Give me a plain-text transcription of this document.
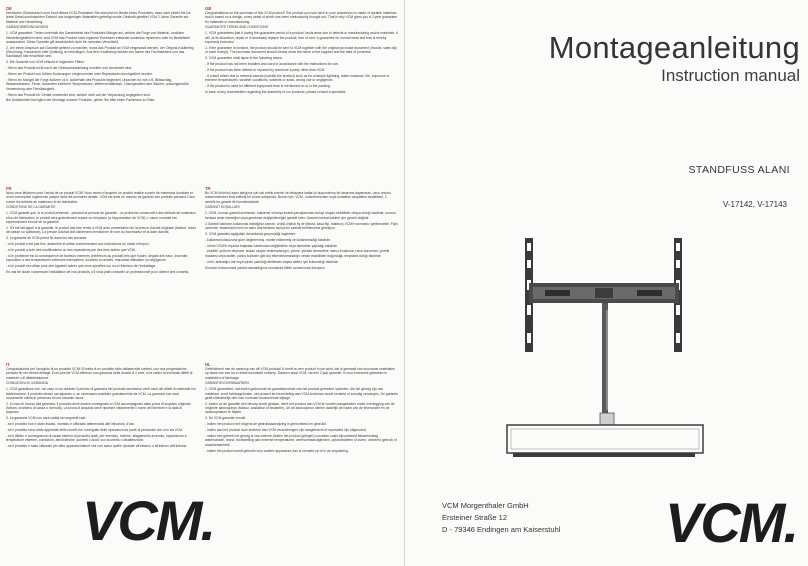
DE
Herzlichen Glückwunsch zum Kauf dieses VCM-Produktes! Sie sind jetzt im Besitz eines Produktes, dass nach einem bis ins letzte Detail durchdachten Entwurf aus langlebigen Materialien gefertigt wurde. Deshalb gewährt VCM 2 Jahre Garantie auf Material und Herstellung.
GARANTIEBEDINGUNGEN
1. VCM garantiert: Treten innerhalb der Garantiefrist des Produktes Mängel auf, welche die Folge von Material- und/oder Herstellungsfehlern sind, wird VCM das Produkt nach eigenem Ermessen entweder kostenlos reparieren oder im Bedarfsfall austauschen. Diese Garantie gilt ausdrücklich nicht für normalen Verschleiß.
2. Um einen Anspruch auf Garantie geltend zu machen, muss das Produkt an VCM eingesandt werden, der Original-Kaufbeleg (Rechnung, Kassenbon oder Quittung) ist beizufügen. Aus dem Kaufbeleg müssen der Name des Fachhändlers und das Kaufdatum klar ersichtlich sein.
3. Die Garantie von VCM erlischt in folgenden Fällen:
- Wenn das Produkt nicht nach der Gebrauchsanleitung montiert und verwendet wird.
- Wenn am Produkt von Dritten Änderungen vorgenommen oder Reparaturen durchgeführt wurden.
- Wenn ein Mangel die Folge äußerer (d.h. außerhalb des Produkts liegender) Ursachen ist, wie z.B. Blitzschlag, Wasserschaden, Feuer, Auscrdem extremer Temperaturen, Wetterverhältnisse, Lösungsmittel oder Säuren, unsachgemäße Verwendung oder Fahrlässigkeit.
- Wenn das Produkt für Geräte verwendet wird, welche nicht auf der Verpackung angegeben sind.
Bei Unklarheiten bezüglich der Montage unserer Produkte, gehen Sie bitte einen Fachmann zu Rate.
GB
Congratulations on the purchase of this VCM product! The product you now have in your possession is made of durable materials and is based on a design, every detail of which has been meticulously thought out. That is why VCM gives you a 2 year guarantee for materials or manufacturing.
GUARANTEE TERMS AND CONDITIONS
1. VCM guarantees that if during the guarantee period of a product, faults arise due to defects in manufacturing and/or materials, it will, at its discretion, repair or if necessary replace the product, free of cost. A guarantee for normal wear and tear is hereby expressly excluded.
2. If the guarantee is invoked, the product should be sent to VCM together with the original purchase document (invoice, sales slip or cash receipt). The purchase document should clearly show the name of the supplier and the date of purchase.
3. VCM guarantee shall lapse in the following cases:
- If the product has not been installed and used in accordance with the instructions for use.
- If the product has been altered or repaired by someone a party other than VCM.
- If a fault arises due to external causes (outside the product) such as for example lightning, water nuisance, fire, exposure to extreme temperatures, weather conditions, solvents or acids, wrong use or negligence.
- If the product is used for different equipment than is mentioned on or in the packing.
In case of any uncertainties regarding the assembly of our products, please consult a specialist.
FR
Nous vous félicitons pour l'achat de ce produit VCM! Vous venez d'acquérir un produit realise a partir de materiaux durables et d'une conception ingenieuse jusque dans les moindres details. VCM est ainsi en mesure de garantir ses produits pendant 2 ans contre les defauts de materiaux et de fabrication.
CONDITIONS DE LA GARANTIE
1. VCM garantit que, si le produit presente - pendant la periode de garantie - un probleme consecutif a des defauts de materiaux et/ou de fabrication, le produit sera gratuitement repare ou remplace (a l'appreciation de VCM). L'usure normale est expressement exclue de la garantie.
2. S'il est fait appel a la garantie, le produit doit etre remis a VCM avec presentation de la preuve d'achat originale (facture, ticket de caisse ou quittance). La preuve d'achat doit clairement mentionner le nom du fournisseur et la date d'achat.
3. La garantie de VCM prend fin dans les cas suivants:
- si le produit n'est pas fixe, assemble et utilise conformement aux instructions du mode d'emploi.
- si le produit a subi des modifications ou des reparations par des tiers autres que VCM.
- si le probleme est la consequence de facteurs externes (exterieurs au produit) tels que foudre, degats des eaux, incendie, exposition a des temperatures extremes intemperies, solvants ou acides, mauvaise utilisation ou negligence.
- si le produit est utilise pour des appareil autres que ceux specifies sur ou a l'interieur de l'emballage.
En cas de doute concernant l'installation de nos produits, s'il vous plait consulter un professionnel pour obtenir des conseils.
TR
Bu VCM ürününü satın aldığınız için sizi tebrik ederiz! ve detaylara kadar iyi duşunulmuş bir tasarıma dayanarak, uzun omurlu malzemelerden imal edilmiş bir urune sahipsiniz. Bunun için, VCM , malzemelerden veya imalattan oluşabilen eksiklikleri, 2 senelik bir garanti ile hizmetinizdedir.
GARANTI KOŞULLARI
1. VCM, urunun garanti suresinde, malzeme ve/veya imalat yanlışlarından doluyı oluşan eksiklikler ortaya cıktığı takdirde, urunun bedava tamir edeceğini veya gerekirse değiştirileceğini garanti eder. Garanti normal eskime için gecerli değildir.
2.Garanti hakkının kullanmak istediğiniz zaman, urünü orijinal fiş ile (fatura, kasa fişi, makbuz) VCM'e sunmanız gerekecektir. Fişin uzerinde, tedarikcinin ismi ve satın alış tarihinin açıkça bir şekilde belirlenmesi gerekiyor.
3. VCM garantisi aşağıdaki durumlarda geçersizliği kaybeder:
- kullanma kılavuzuna göre değerlenmiş, monte edilmemiş ve kullanılmadığı takdirde.
- ürüne VCM'in dışında başkaları tarafından değişiklikler veya tamiratlar yapıldığı takdirde.
- eksiklik, yıldırım düşmesi, sudan oluşan rederiszarnıgıs, çütme, yüksek derecelere maruz bırakılma, hava durumları, çözelti maddesi veya asitler, yanlış kullanım gibi dış etkenlerizmandırgıı ceban eksiklikleri doğurduğu meydana cıktığı takdirde.
- ürün, ambalajın üst veya içinde yazıldığı aletlerden başka aletler için kullanıldığı takdirde.
Kurulum kılavuzunda yardım alamadığınız konularda lütfen uzmanınıza danışınız
IT
Congratulazioni per l'acquisto di un prodotto VCM! Si tratta di un prodotto fatto dallatenziali contesi, con una progettazione pensata fin nei minimi dettagli. Ecco perche VCM,offrendo una garanzia della durata di 2 anni, si fa carico di eventuali difetti di materiali o di ditabbricazione.
CONDIZIONI DI GARANZIA
1. VCM garantisce che, nel caso in cui durante il periodo di garanzia del prodotto dovessero verifi carsi dei difetti di materiale e/o fabbricazione, il prodotto stesso verraiparato o, se necessario,sostituito gratuitamente da VCM. La garanzia non sara ovviamente valida in presenza di una naturale usura.
2. In caso di ricorso alla garanzia, il prodotto deve essere consegnato a VCM accompagnato dalla prova di acquisto originale (fattura, scontrino di cassa o ricevuta). La prova di acquisto deve riportare chiaramente il nome del fornitore e la data di acquisto.
3. La garanzia VCM non sara valida nei seguenti casi:
- se il prodotto non e stato fissato, montato e utilizzato attenendosi alle istruzioni, d'uso.
- se il prodotto sono stato apportate delle modifi che o eseguite delle riparazioni da parte di personale che non sia VCM.
- se il difetto e conseguenza di cause esterne al prodotto quali, per esempio, fulmine, allagamento,incendio, esposizione a temperature estreme, condizioni, atmosferiche ,solventi o acidi, uso scorretto o disattenzione.
- se il prodotto e stato utilizzato per altre apparecchiature che non siano quelle riportate all'esterno o all'interno dell'imballo.
NL
Gefeliciteerd met de aankoop van dit VCM-product! U heeft nu een product in uw bezit, dat is gemaakt van duurzame materialen op basis van een tot in detail doordacht ontwerp. Daarom staat VCM, via een 2 jaar garantie, in voor eventuele gebreken in materialen of fabricage.
GARANTIEVOORWAARDEN
1. VCM garandeert, dat indien gedurende de garantieperiode van het product gebreken optreden, die het gevolg zijn van materiaal- en/of fabricagefouten, het product ter beoordeling aan VCM kosteloos wordt hersteld of zonodig vervangen. De garantie geldt uitdrukkelijk niet voor normaal voorkomende slijtage.
2. Indien op de garantie een beroep wordt gedaan, dient het product aan VCM te worden aangeboden onder overlegging van de originele aankoopbon (factuur, kassabon of kwitantie). Uit de aankoopbon dienen duidelijk de naam van de leverancier en de aankoopdatum te blijken.
3. De VCM garantie vervalt:
- indien het product niet volgens de gebruiksaanwijzing is gemonteerd en gebruikt.
- indien aan het product door anderen dan VCM veranderingen zijn aangebracht of reparaties zijn uitgevoerd.
- indien een gebrek het gevolg is van externe (buiten het product gelegen) oorzaken zoals bijvoorbeeld blikseminslag, waterschade, brand, blootstelling aan extreme temperaturen, weersomstandigheden, oplosmiddelen of zuren, verkeerd gebruik of onachtzaamheid.
- indien het product wordt gebruikt voor andere apparatuur dan is vermeld op of in de verpakking.
VCM.
Montageanleitung
Instruction manual
STANDFUSS ALANI
V-17142, V-17143
VCM Morgenthaler GmbH
Ersteiner Straße 12
D - 79346 Endingen am Kaiserstuhl VCM.
